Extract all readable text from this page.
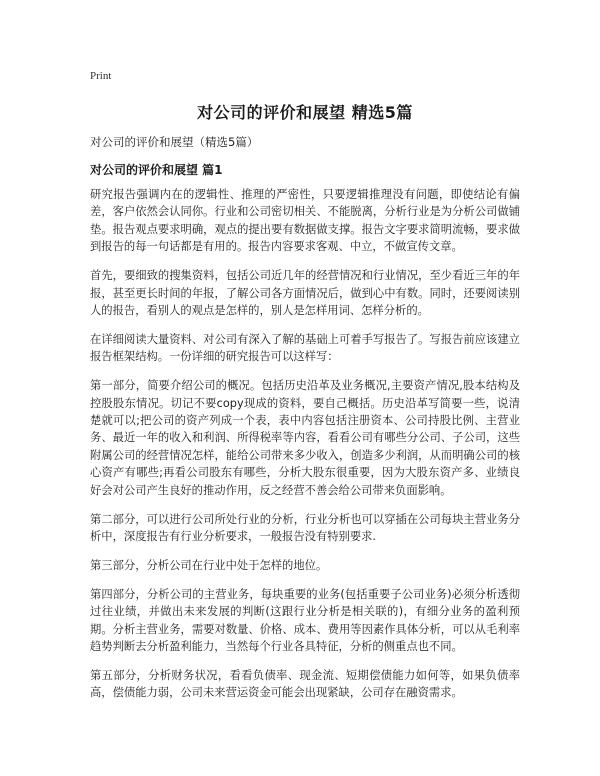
Print
对公司的评价和展望 精选5篇
对公司的评价和展望（精选5篇）
对公司的评价和展望 篇1

研究报告强调内在的逻辑性、推理的严密性，只要逻辑推理没有问题，即使结论有偏差，客户依然会认同你。行业和公司密切相关、不能脱离，分析行业是为分析公司做铺垫。报告观点要求明确，观点的提出要有数据做支撑。报告文字要求简明流畅，要求做到报告的每一句话都是有用的。报告内容要求客观、中立，不做宣传文章。

首先，要细致的搜集资料，包括公司近几年的经营情况和行业情况，至少看近三年的年报，甚至更长时间的年报，了解公司各方面情况后，做到心中有数。同时，还要阅读别人的报告，看别人的观点是怎样的，别人是怎样用词、怎样分析的。

在详细阅读大量资料、对公司有深入了解的基础上可着手写报告了。写报告前应该建立报告框架结构。一份详细的研究报告可以这样写：

第一部分，简要介绍公司的概况。包括历史沿革及业务概况,主要资产情况,股本结构及控股股东情况。切记不要copy现成的资料，要自己概括。历史沿革写简要一些，说清楚就可以;把公司的资产列成一个表，表中内容包括注册资本、公司持股比例、主营业务、最近一年的收入和利润、所得税率等内容，看看公司有哪些分公司、子公司，这些附属公司的经营情况怎样，能给公司带来多少收入，创造多少利润，从而明确公司的核心资产有哪些;再看公司股东有哪些，分析大股东很重要，因为大股东资产多、业绩良好会对公司产生良好的推动作用，反之经营不善会给公司带来负面影响。

第二部分，可以进行公司所处行业的分析，行业分析也可以穿插在公司每块主营业务分析中，深度报告有行业分析要求，一般报告没有特别要求.

第三部分，分析公司在行业中处于怎样的地位。

第四部分，分析公司的主营业务，每块重要的业务(包括重要子公司业务)必须分析透彻过往业绩，并做出未来发展的判断(这跟行业分析是相关联的)，有细分业务的盈利预期。分析主营业务，需要对数量、价格、成本、费用等因素作具体分析，可以从毛利率趋势判断去分析盈利能力，当然每个行业各具特征，分析的侧重点也不同。

第五部分，分析财务状况，看看负债率、现金流、短期偿债能力如何等，如果负债率高，偿债能力弱，公司未来营运资金可能会出现紧缺，公司存在融资需求。
